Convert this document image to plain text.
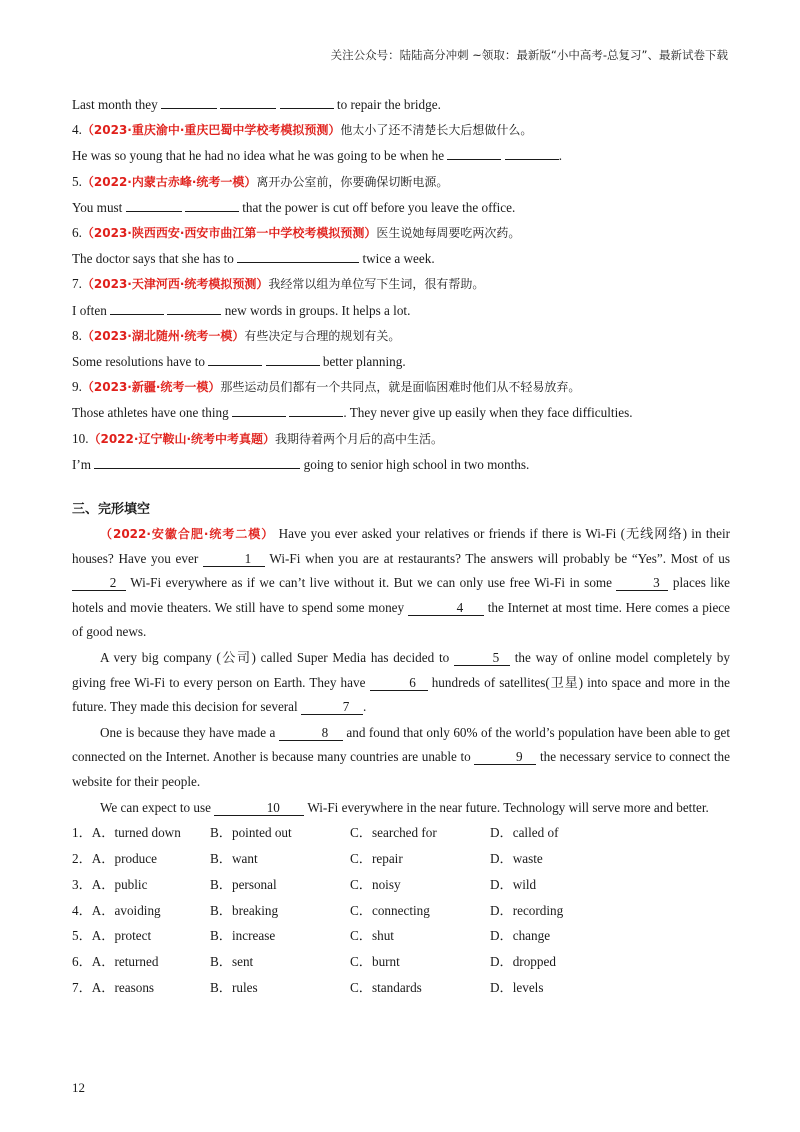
关注公众号：陆陆高分冲刺 ~领取：最新版“小中高考-总复习”、最新试卷下载
Last month they	to repair the bridge.
4.（2023·重庆渝中·重庆巴蜀中学校考模拟预测）他太小了还不清楚长大后想做什么。
He was so young that he had no idea what he was going to be when he	.
5.（2022·内蒙古赤峰·统考一模）离开办公室前，你要确保切断电源。
You must	that the power is cut off before you leave the office.
6.（2023·陕西西安·西安市曲江第一中学校考模拟预测）医生说她每周要吃两次药。
The doctor says that she has to	twice a week.
7.（2023·天津河西·统考模拟预测）我经常以组为单位写下生词，很有帮助。
I often	new words in groups. It helps a lot.
8.（2023·湖北随州·统考一模）有些决定与合理的规划有关。
Some resolutions have to	better planning.
9.（2023·新疆·统考一模）那些运动员们都有一个共同点，就是面临困难时他们从不轻易放弃。
Those athletes have one thing	. They never give up easily when they face difficulties.
10.（2022·辽宁鞍山·统考中考真题）我期待着两个月后的高中生活。
I’m	going to senior high school in two months.
三、完形填空
（2022·安徽合肥·统考二模） Have you ever asked your relatives or friends if there is Wi-Fi (无线网络) in their houses? Have you ever	1 Wi-Fi when you are at restaurants? The answers will probably be “Yes”. Most of us 2 Wi-Fi everywhere as if we can’t live without it. But we can only use free Wi-Fi in some	3 places like hotels and movie theaters. We still have to spend some money	4 the Internet at most time. Here comes a piece of good news.
A very big company (公司) called Super Media has decided to	5 the way of online model completely by giving free Wi-Fi to every person on Earth. They have	6 hundreds of satellites(卫星) into space and more in the future. They made this decision for several	7 .
One is because they have made a	8 and found that only 60% of the world’s population have been able to get connected on the Internet. Another is because many countries are unable to	9 the necessary service to connect the website for their people.
We can expect to use	10 Wi-Fi everywhere in the near future. Technology will serve more and better.
1．A．turned down	B．pointed out	C．searched for	D．called of
2．A．produce	B．want	C．repair	D．waste
3．A．public	B．personal	C．noisy	D．wild
4．A．avoiding	B．breaking	C．connecting	D．recording
5．A．protect	B．increase	C．shut	D．change
6．A．returned	B．sent	C．burnt	D．dropped
7．A．reasons	B．rules	C．standards	D．levels
12
